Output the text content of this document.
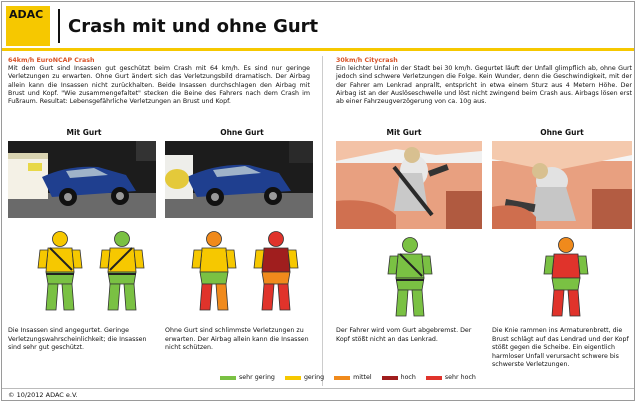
ADAC
Crash mit und ohne Gurt
64km/h EuroNCAP Crash

Mit dem Gurt sind Insassen gut geschützt beim Crash mit 64 km/h. Es sind nur geringe Verletzungen zu erwarten. Ohne Gurt ändert sich das Verletzungsbild dramatisch. Der Airbag allein kann die Insassen nicht zurückhalten. Beide Insassen durchschlagen den Airbag mit Brust und Kopf. "Wie zusammengefaltet" stecken die Beine des Fahrers nach dem Crash im Fußraum. Resultat: Lebensgefährliche Verletzungen an Brust und Kopf.

30km/h Citycrash

Ein leichter Unfal in der Stadt bei 30 km/h. Gegurtet läuft der Unfall glimpflich ab, ohne Gurt jedoch sind schwere Verletzungen die Folge. Kein Wunder, denn die Geschwindigkeit, mit der der Fahrer am Lenkrad anprallt, entspricht in etwa einem Sturz aus 4 Metern Höhe. Der Airbag ist an der Auslöseschwelle und löst nicht zwingend beim Crash aus. Airbags lösen erst ab einer Fahrzeugverzögerung von ca. 10g aus.

Mit Gurt	Ohne Gurt	Mit Gurt	Ohne Gurt
Die Insassen sind angegurtet. Geringe Verletzungswahrscheinlichkeit; die Insassen sind sehr gut geschützt.
Ohne Gurt sind schlimmste Verletzungen zu erwarten. Der Airbag allein kann die Insassen nicht schützen.
Der Fahrer wird vom Gurt abgebremst. Der Kopf stößt nicht an das Lenkrad.
Die Knie rammen ins Armaturenbrett, die Brust schlägt auf das Lendrad und der Kopf stößt gegen die Scheibe. Ein eigentlich harmloser Unfall verursacht schwere bis schwerste Verletzungen.
sehr gering	gering	mittel	hoch	sehr hoch
© 10/2012 ADAC e.V.
